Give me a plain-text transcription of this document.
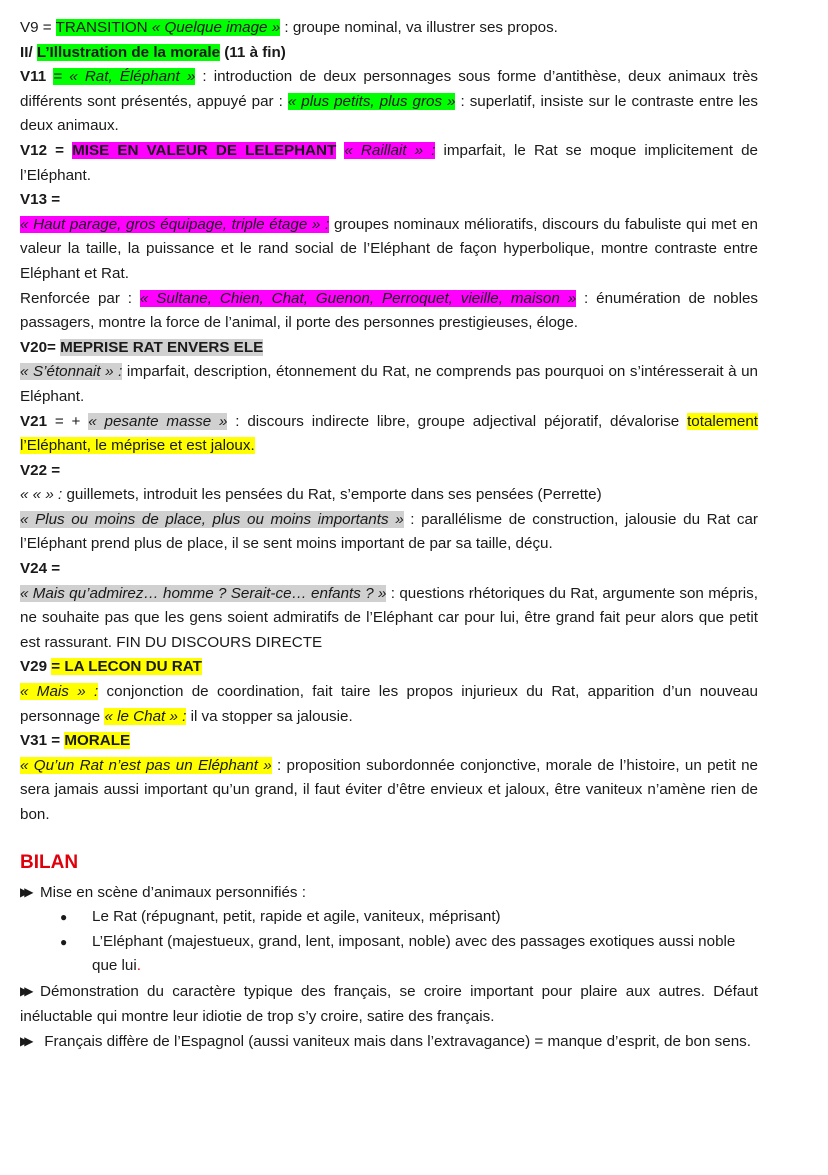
V9 = TRANSITION « Quelque image » : groupe nominal, va illustrer ses propos.

II/ L’Illustration de la morale (11 à fin)

V11 = « Rat, Éléphant » : introduction de deux personnages sous forme d’antithèse, deux animaux très différents sont présentés, appuyé par : « plus petits, plus gros » : superlatif, insiste sur le contraste entre les deux animaux.

V12 = MISE EN VALEUR DE LELEPHANT « Raillait » : imparfait, le Rat se moque implicitement de l’Eléphant.

V13 =

« Haut parage, gros équipage, triple étage » : groupes nominaux mélioratifs, discours du fabuliste qui met en valeur la taille, la puissance et le rand social de l’Eléphant de façon hyperbolique, montre contraste entre Eléphant et Rat.

Renforcée par : « Sultane, Chien, Chat, Guenon, Perroquet, vieille, maison » : énumération de nobles passagers, montre la force de l’animal, il porte des personnes prestigieuses, éloge.

V20= MEPRISE RAT ENVERS ELE

« S’étonnait » : imparfait, description, étonnement du Rat, ne comprends pas pourquoi on s’intéresserait à un Eléphant.

V21 = + « pesante masse » : discours indirecte libre, groupe adjectival péjoratif, dévalorise totalement l’Eléphant, le méprise et est jaloux.

V22 =

« « » : guillemets, introduit les pensées du Rat, s’emporte dans ses pensées (Perrette)

« Plus ou moins de place, plus ou moins importants » : parallélisme de construction, jalousie du Rat car l’Eléphant prend plus de place, il se sent moins important de par sa taille, déçu.

V24 =

« Mais qu’admirez… homme ? Serait-ce… enfants ? » : questions rhétoriques du Rat, argumente son mépris, ne souhaite pas que les gens soient admiratifs de l’Eléphant car pour lui, être grand fait peur alors que petit est rassurant. FIN DU DISCOURS DIRECTE

V29 = LA LECON DU RAT

« Mais » : conjonction de coordination, fait taire les propos injurieux du Rat, apparition d’un nouveau personnage « le Chat » : il va stopper sa jalousie.

V31 = MORALE

« Qu’un Rat n’est pas un Eléphant » : proposition subordonnée conjonctive, morale de l’histoire, un petit ne sera jamais aussi important qu’un grand, il faut éviter d’être envieux et jaloux, être vaniteux n’amène rien de bon.

BILAN

▶▶ Mise en scène d’animaux personnifiés :

●	Le Rat (répugnant, petit, rapide et agile, vaniteux, méprisant)
●	L’Eléphant (majestueux, grand, lent, imposant, noble) avec des passages exotiques aussi noble que lui.

▶▶ Démonstration du caractère typique des français, se croire important pour plaire aux autres. Défaut inéluctable qui montre leur idiotie de trop s’y croire, satire des français.

▶▶ Français diffère de l’Espagnol (aussi vaniteux mais dans l’extravagance) = manque d’esprit, de bon sens.
